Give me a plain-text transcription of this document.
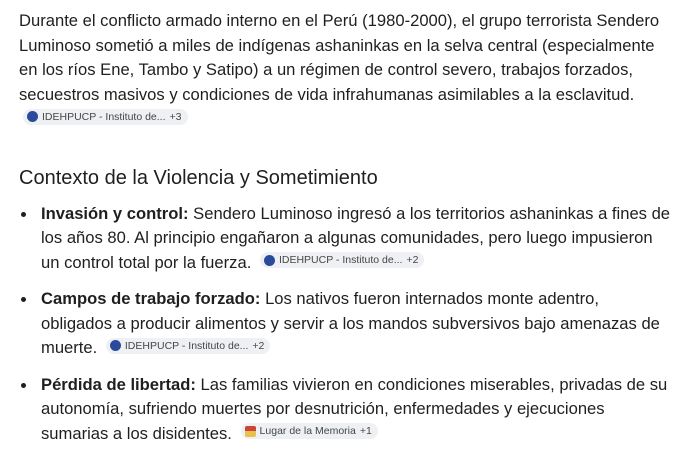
Durante el conflicto armado interno en el Perú (1980-2000), el grupo terrorista Sendero Luminoso sometió a miles de indígenas ashaninkas en la selva central (especialmente en los ríos Ene, Tambo y Satipo) a un régimen de control severo, trabajos forzados, secuestros masivos y condiciones de vida infrahumanas asimilables a la esclavitud.
IDEHPUCP - Instituto de... +3

Contexto de la Violencia y Sometimiento
Invasión y control: Sendero Luminoso ingresó a los territorios ashaninkas a fines de los años 80. Al principio engañaron a algunas comunidades, pero luego impusieron un control total por la fuerza.	IDEHPUCP - Instituto de... +2
Campos de trabajo forzado: Los nativos fueron internados monte adentro, obligados a producir alimentos y servir a los mandos subversivos bajo amenazas de muerte.	IDEHPUCP - Instituto de... +2
Pérdida de libertad: Las familias vivieron en condiciones miserables, privadas de su autonomía, sufriendo muertes por desnutrición, enfermedades y ejecuciones sumarias a los disidentes.	Lugar de la Memoria +1
